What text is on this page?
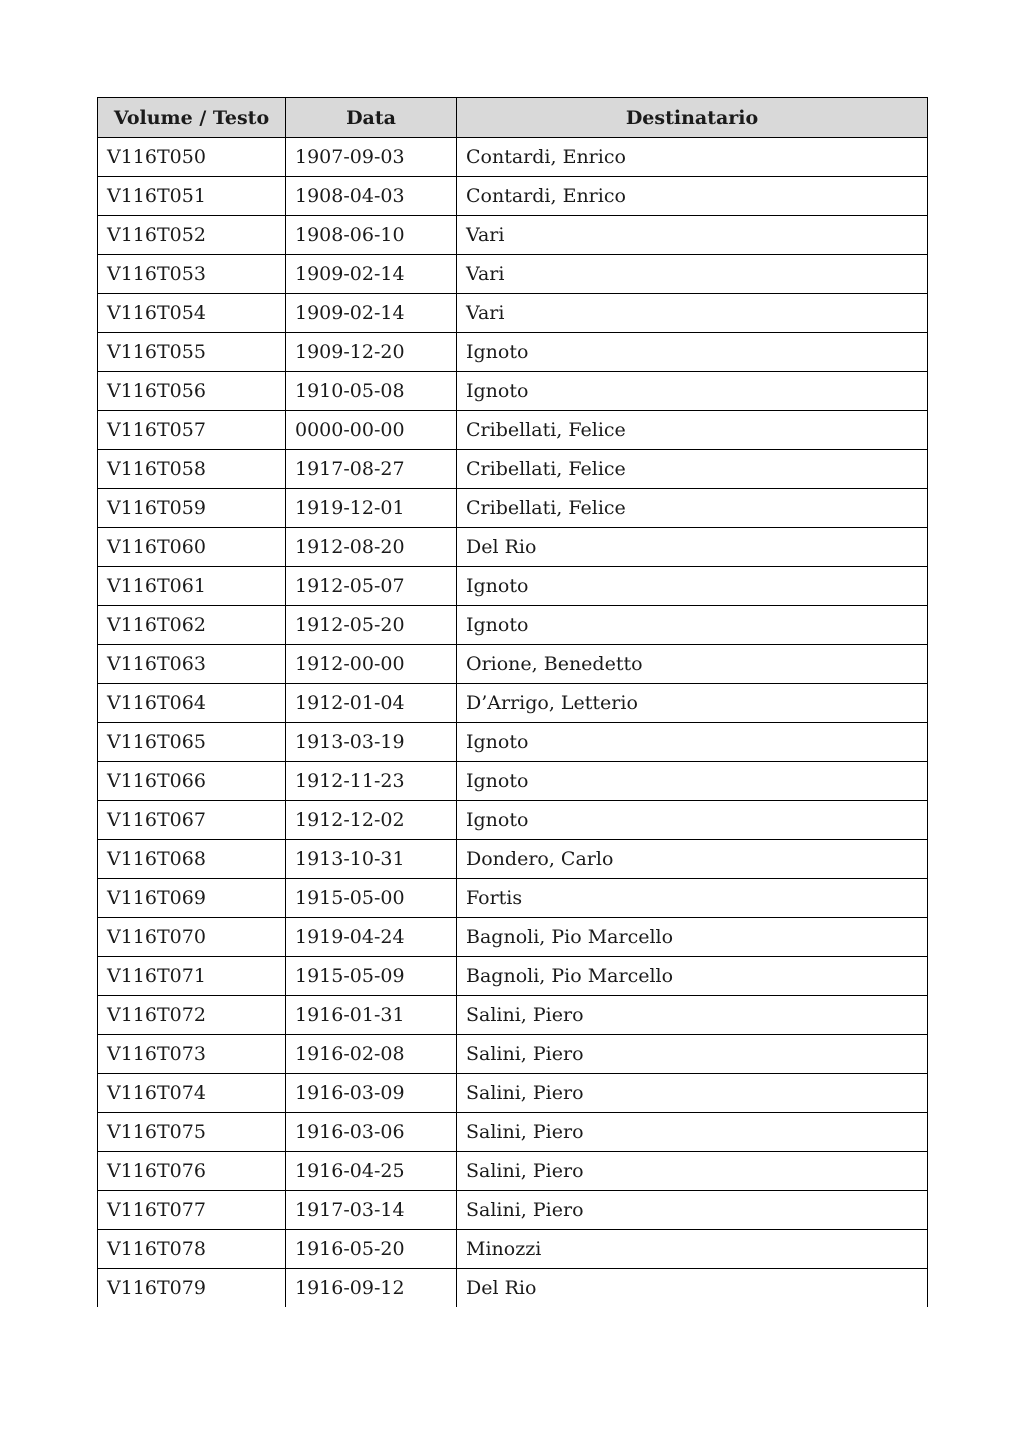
Volume / Testo	Data	Destinatario
V116T050	1907-09-03	Contardi, Enrico
V116T051	1908-04-03	Contardi, Enrico
V116T052	1908-06-10	Vari
V116T053	1909-02-14	Vari
V116T054	1909-02-14	Vari
V116T055	1909-12-20	Ignoto
V116T056	1910-05-08	Ignoto
V116T057	0000-00-00	Cribellati, Felice
V116T058	1917-08-27	Cribellati, Felice
V116T059	1919-12-01	Cribellati, Felice
V116T060	1912-08-20	Del Rio
V116T061	1912-05-07	Ignoto
V116T062	1912-05-20	Ignoto
V116T063	1912-00-00	Orione, Benedetto
V116T064	1912-01-04	D’Arrigo, Letterio
V116T065	1913-03-19	Ignoto
V116T066	1912-11-23	Ignoto
V116T067	1912-12-02	Ignoto
V116T068	1913-10-31	Dondero, Carlo
V116T069	1915-05-00	Fortis
V116T070	1919-04-24	Bagnoli, Pio Marcello
V116T071	1915-05-09	Bagnoli, Pio Marcello
V116T072	1916-01-31	Salini, Piero
V116T073	1916-02-08	Salini, Piero
V116T074	1916-03-09	Salini, Piero
V116T075	1916-03-06	Salini, Piero
V116T076	1916-04-25	Salini, Piero
V116T077	1917-03-14	Salini, Piero
V116T078	1916-05-20	Minozzi
V116T079	1916-09-12	Del Rio
